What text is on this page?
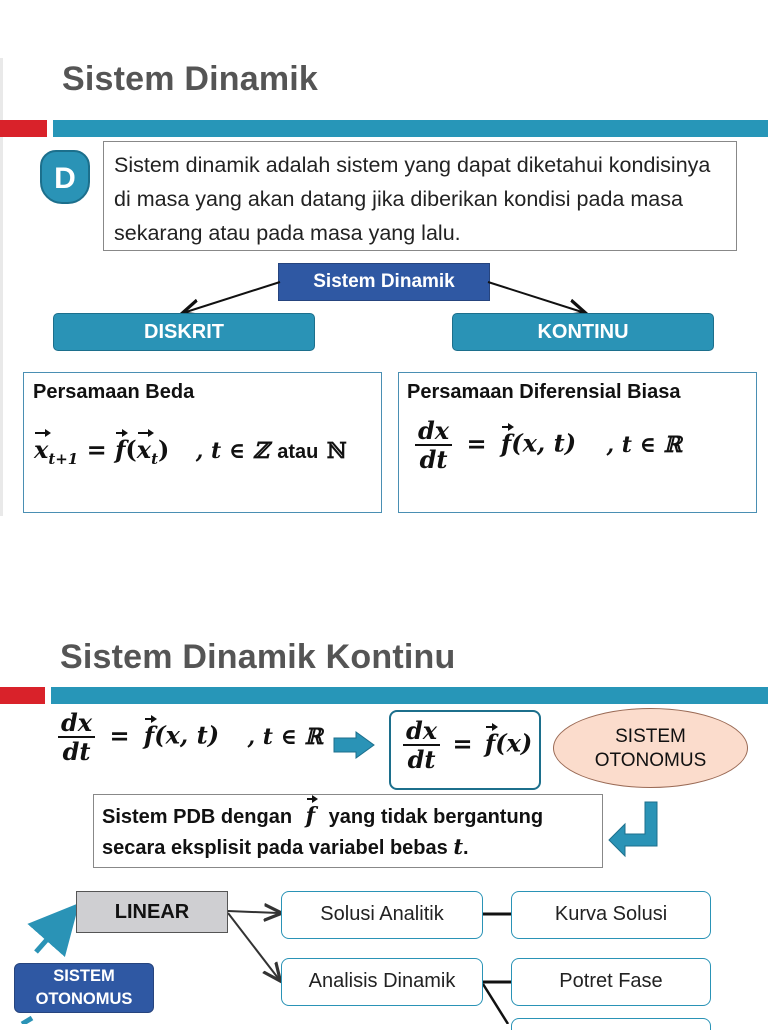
Sistem Dinamik
D	Sistem dinamik adalah sistem yang dapat diketahui kondisinya di masa yang akan datang jika diberikan kondisi pada masa sekarang atau pada masa yang lalu.
Sistem Dinamik
DISKRIT	KONTINU
Persamaan Beda
$x_{t+1} = f(x_t)$ , t ∈ ℤ atau ℕ
Persamaan Diferensial Biasa
$\frac{dx}{dt} = f(x$, t) , t ∈ ℝ
Sistem Dinamik Kontinu
$\frac{dx}{dt} = f(x$, t) , t ∈ ℝ	$\frac{dx}{dt} = f(x)$	SISTEM
OTONOMUS
Sistem PDB dengan f yang tidak bergantung
secara eksplisit pada variabel bebas t.
LINEAR
SISTEM
OTONOMUS
Solusi Analitik	Kurva Solusi
Analisis Dinamik	Potret Fase
